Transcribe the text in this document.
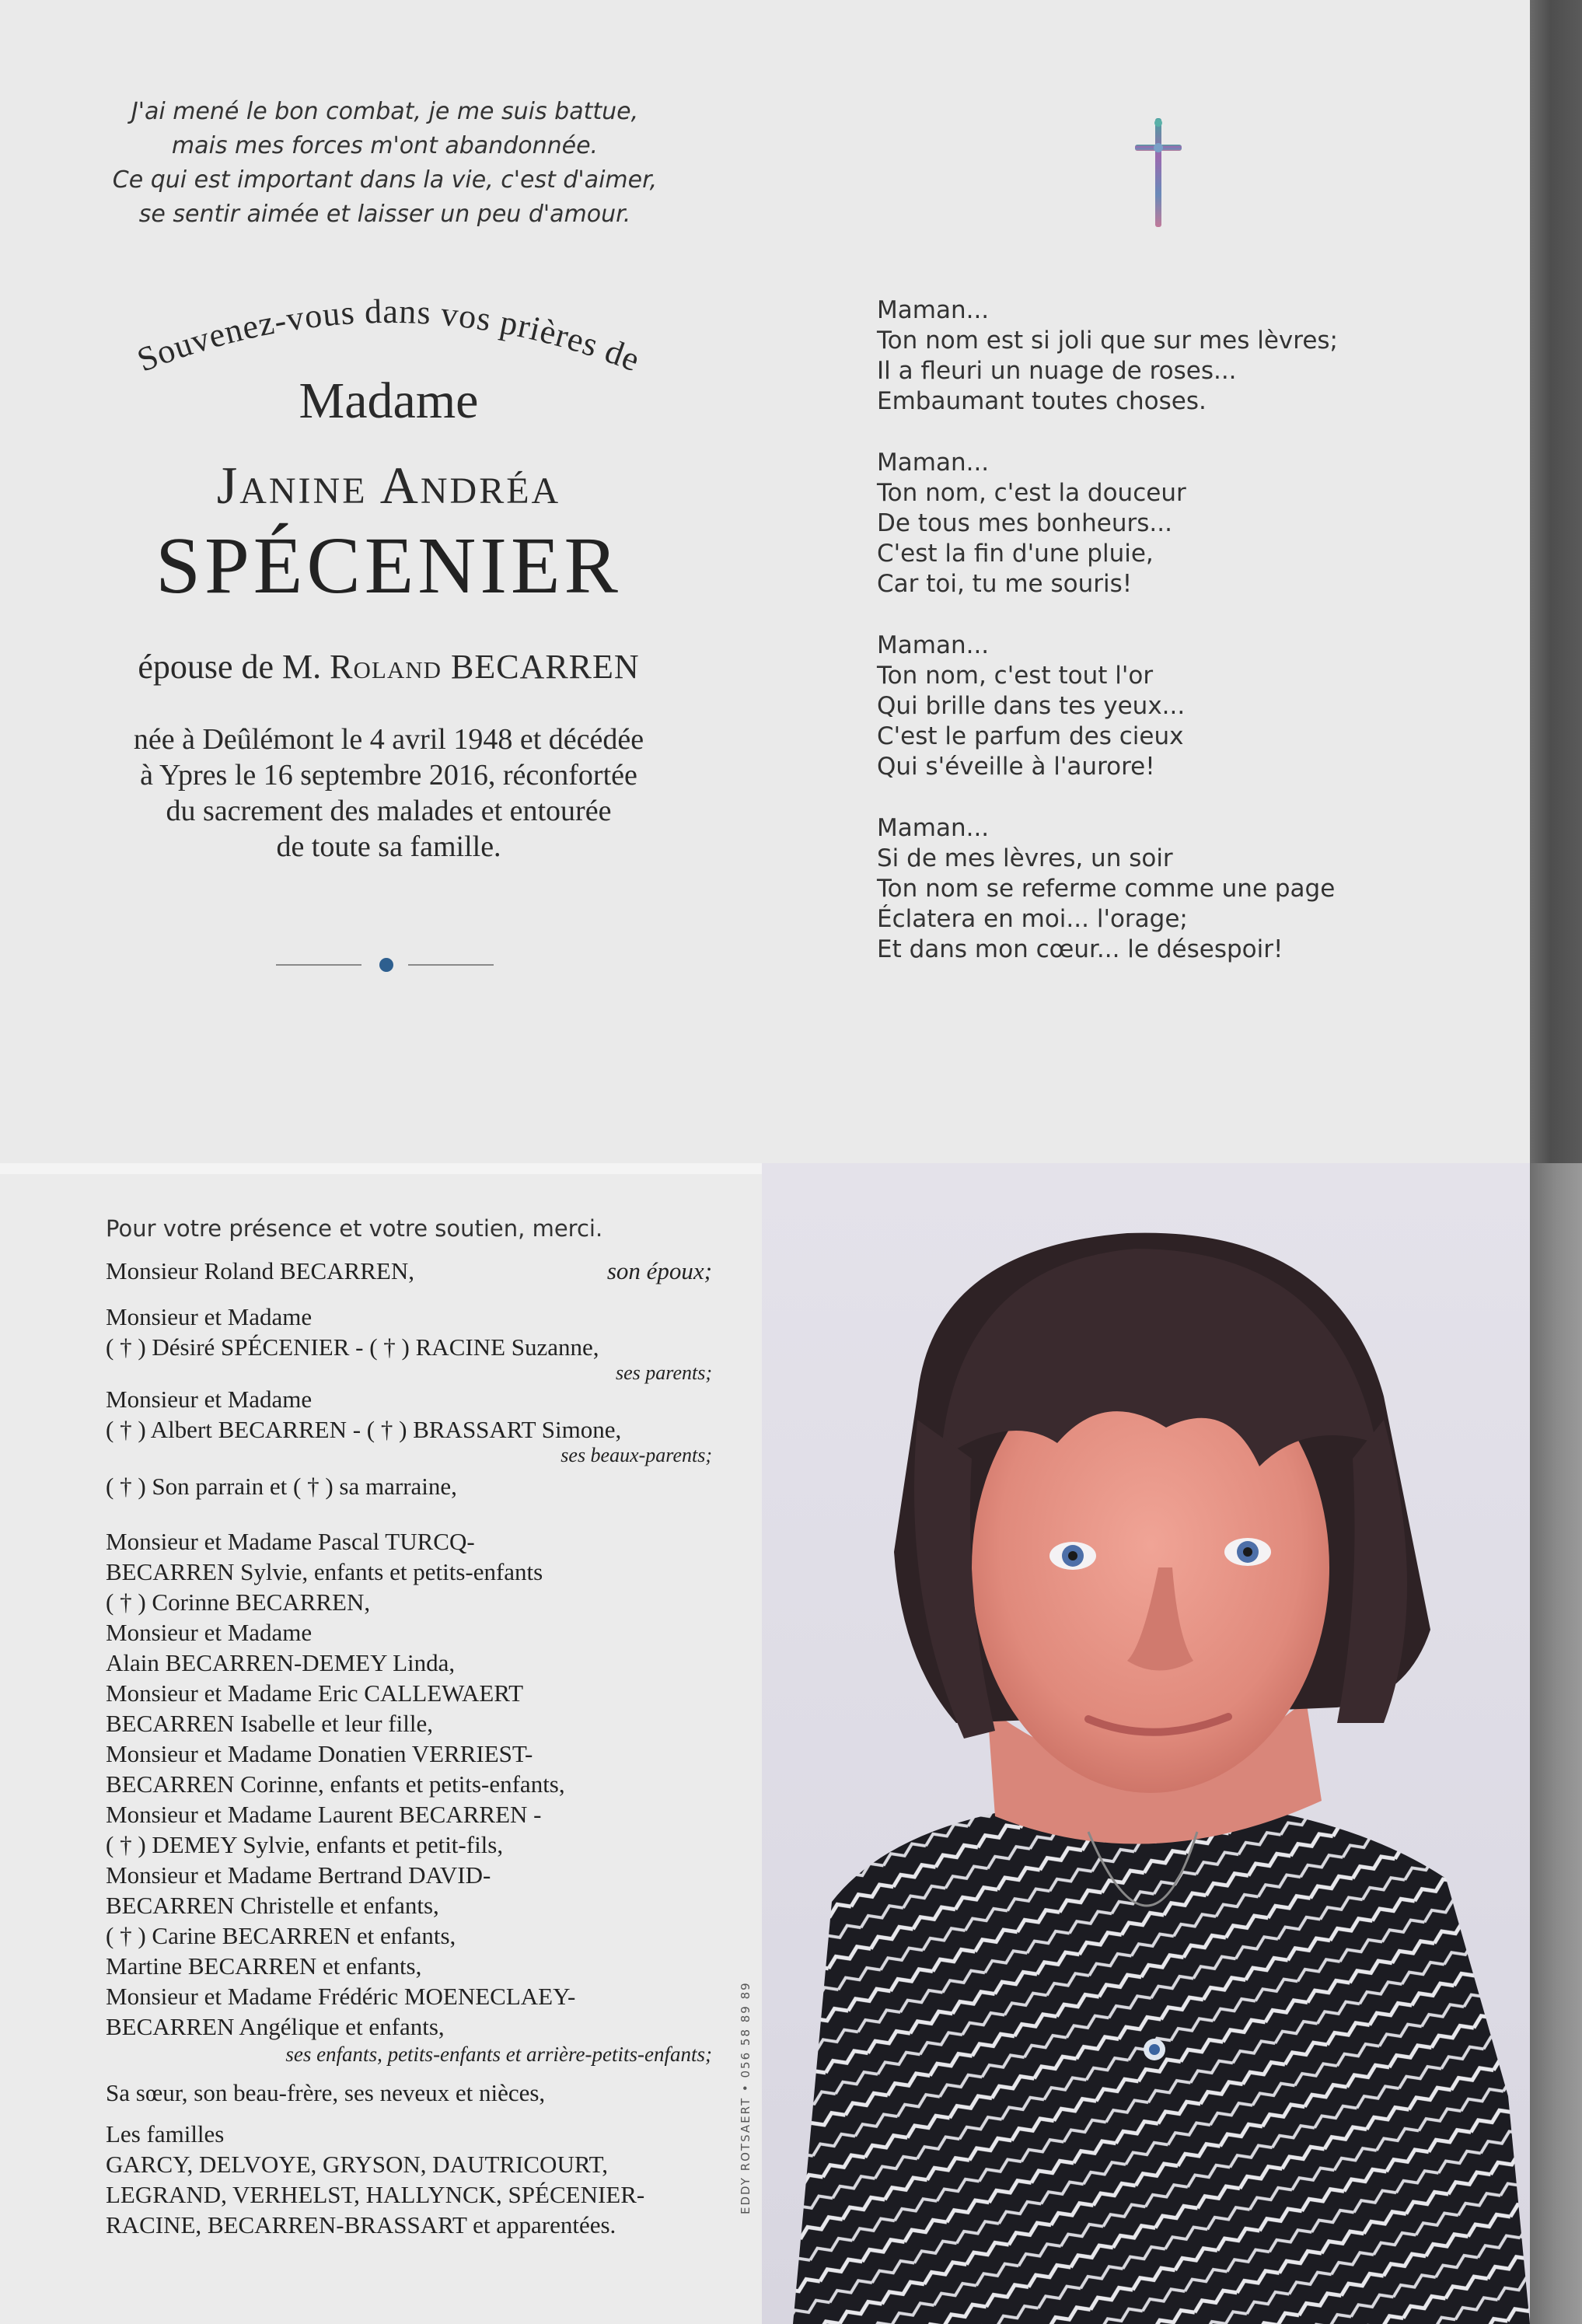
J'ai mené le bon combat, je me suis battue,
mais mes forces m'ont abandonnée.
Ce qui est important dans la vie, c'est d'aimer,
se sentir aimée et laisser un peu d'amour.
Souvenez-vous dans vos prières de
Madame
Janine Andréa
SPÉCENIER
épouse de M. Roland BECARREN
née à Deûlémont le 4 avril 1948 et décédée
à Ypres le 16 septembre 2016, réconfortée
du sacrement des malades et entourée
de toute sa famille.
Maman...
Ton nom est si joli que sur mes lèvres;
Il a fleuri un nuage de roses...
Embaumant toutes choses.
Maman...
Ton nom, c'est la douceur
De tous mes bonheurs...
C'est la fin d'une pluie,
Car toi, tu me souris!
Maman...
Ton nom, c'est tout l'or
Qui brille dans tes yeux...
C'est le parfum des cieux
Qui s'éveille à l'aurore!
Maman...
Si de mes lèvres, un soir
Ton nom se referme comme une page
Éclatera en moi... l'orage;
Et dans mon cœur... le désespoir!
Pour votre présence et votre soutien, merci.
Monsieur Roland BECARREN,	son époux;
Monsieur et Madame
( † ) Désiré SPÉCENIER - ( † ) RACINE Suzanne,
ses parents;
Monsieur et Madame
( † ) Albert BECARREN - ( † ) BRASSART Simone,
ses beaux-parents;
( † ) Son parrain et ( † ) sa marraine,
Monsieur et Madame Pascal TURCQ-
BECARREN Sylvie, enfants et petits-enfants
( † ) Corinne BECARREN,
Monsieur et Madame
Alain BECARREN-DEMEY Linda,
Monsieur et Madame Eric CALLEWAERT
BECARREN Isabelle et leur fille,
Monsieur et Madame Donatien VERRIEST-
BECARREN Corinne, enfants et petits-enfants,
Monsieur et Madame Laurent BECARREN -
( † ) DEMEY Sylvie, enfants et petit-fils,
Monsieur et Madame Bertrand DAVID-
BECARREN Christelle et enfants,
( † ) Carine BECARREN et enfants,
Martine BECARREN et enfants,
Monsieur et Madame Frédéric MOENECLAEY-
BECARREN Angélique et enfants,
ses enfants, petits-enfants et arrière-petits-enfants;
Sa sœur, son beau-frère, ses neveux et nièces,
Les familles
GARCY, DELVOYE, GRYSON, DAUTRICOURT,
LEGRAND, VERHELST, HALLYNCK, SPÉCENIER-
RACINE, BECARREN-BRASSART et apparentées.
EDDY ROTSAERT • 056 58 89 89
